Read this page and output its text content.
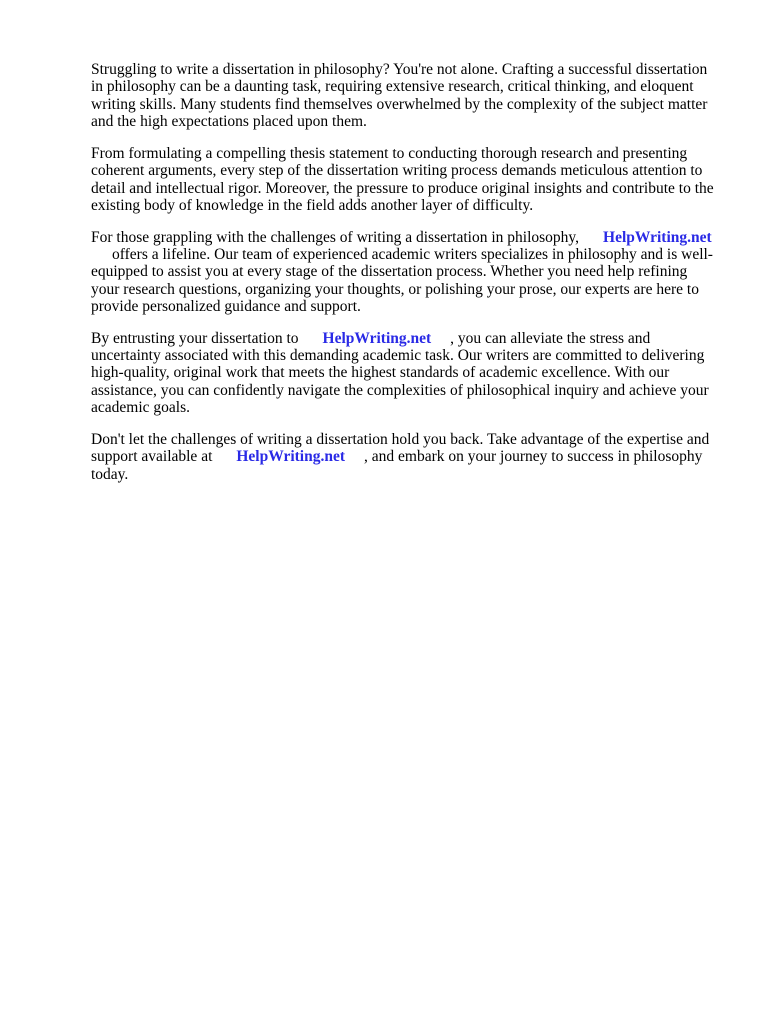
Struggling to write a dissertation in philosophy? You're not alone. Crafting a successful dissertation
in philosophy can be a daunting task, requiring extensive research, critical thinking, and eloquent
writing skills. Many students find themselves overwhelmed by the complexity of the subject matter
and the high expectations placed upon them.
From formulating a compelling thesis statement to conducting thorough research and presenting
coherent arguments, every step of the dissertation writing process demands meticulous attention to
detail and intellectual rigor. Moreover, the pressure to produce original insights and contribute to the
existing body of knowledge in the field adds another layer of difficulty.
For those grappling with the challenges of writing a dissertation in philosophy, HelpWriting.net
offers a lifeline. Our team of experienced academic writers specializes in philosophy and is well-
equipped to assist you at every stage of the dissertation process. Whether you need help refining
your research questions, organizing your thoughts, or polishing your prose, our experts are here to
provide personalized guidance and support.
By entrusting your dissertation to HelpWriting.net , you can alleviate the stress and
uncertainty associated with this demanding academic task. Our writers are committed to delivering
high-quality, original work that meets the highest standards of academic excellence. With our
assistance, you can confidently navigate the complexities of philosophical inquiry and achieve your
academic goals.
Don't let the challenges of writing a dissertation hold you back. Take advantage of the expertise and
support available at HelpWriting.net , and embark on your journey to success in philosophy
today.
